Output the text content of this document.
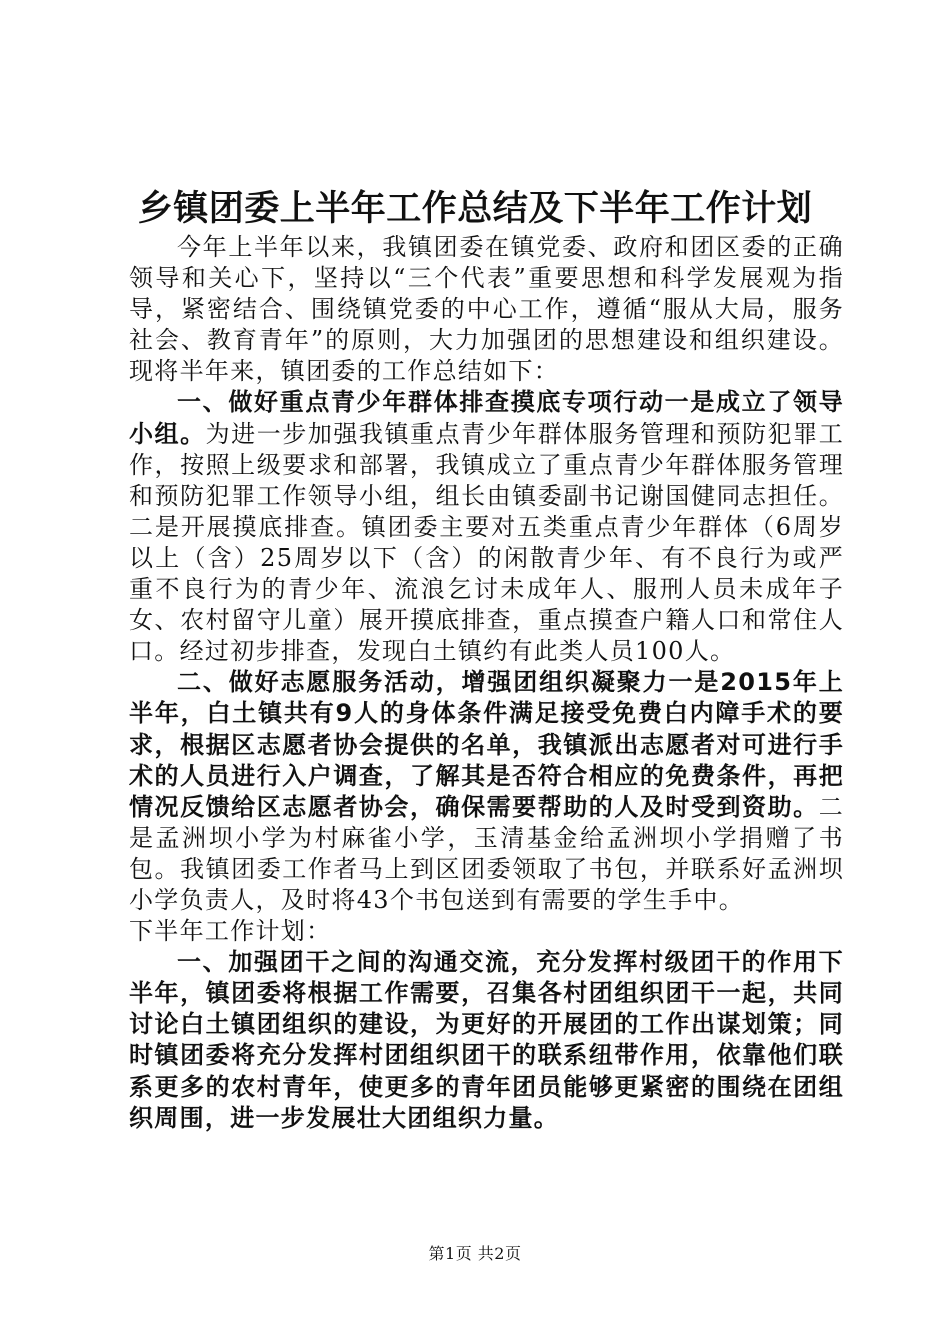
乡镇团委上半年工作总结及下半年工作计划

今年上半年以来，我镇团委在镇党委、政府和团区委的正确领导和关心下，坚持以“三个代表”重要思想和科学发展观为指导，紧密结合、围绕镇党委的中心工作，遵循“服从大局，服务社会、教育青年”的原则，大力加强团的思想建设和组织建设。现将半年来，镇团委的工作总结如下：

一、做好重点青少年群体排查摸底专项行动一是成立了领导小组。为进一步加强我镇重点青少年群体服务管理和预防犯罪工作，按照上级要求和部署，我镇成立了重点青少年群体服务管理和预防犯罪工作领导小组，组长由镇委副书记谢国健同志担任。二是开展摸底排查。镇团委主要对五类重点青少年群体（6周岁以上（含）25周岁以下（含）的闲散青少年、有不良行为或严重不良行为的青少年、流浪乞讨未成年人、服刑人员未成年子女、农村留守儿童）展开摸底排查，重点摸查户籍人口和常住人口。经过初步排查，发现白土镇约有此类人员100人。

二、做好志愿服务活动，增强团组织凝聚力一是2015年上半年，白土镇共有9人的身体条件满足接受免费白内障手术的要求，根据区志愿者协会提供的名单，我镇派出志愿者对可进行手术的人员进行入户调查，了解其是否符合相应的免费条件，再把情况反馈给区志愿者协会，确保需要帮助的人及时受到资助。二是孟洲坝小学为村麻雀小学，玉清基金给孟洲坝小学捐赠了书包。我镇团委工作者马上到区团委领取了书包，并联系好孟洲坝小学负责人，及时将43个书包送到有需要的学生手中。

下半年工作计划：

一、加强团干之间的沟通交流，充分发挥村级团干的作用下半年，镇团委将根据工作需要，召集各村团组织团干一起，共同讨论白土镇团组织的建设，为更好的开展团的工作出谋划策；同时镇团委将充分发挥村团组织团干的联系纽带作用，依靠他们联系更多的农村青年，使更多的青年团员能够更紧密的围绕在团组织周围，进一步发展壮大团组织力量。

第1页 共2页
